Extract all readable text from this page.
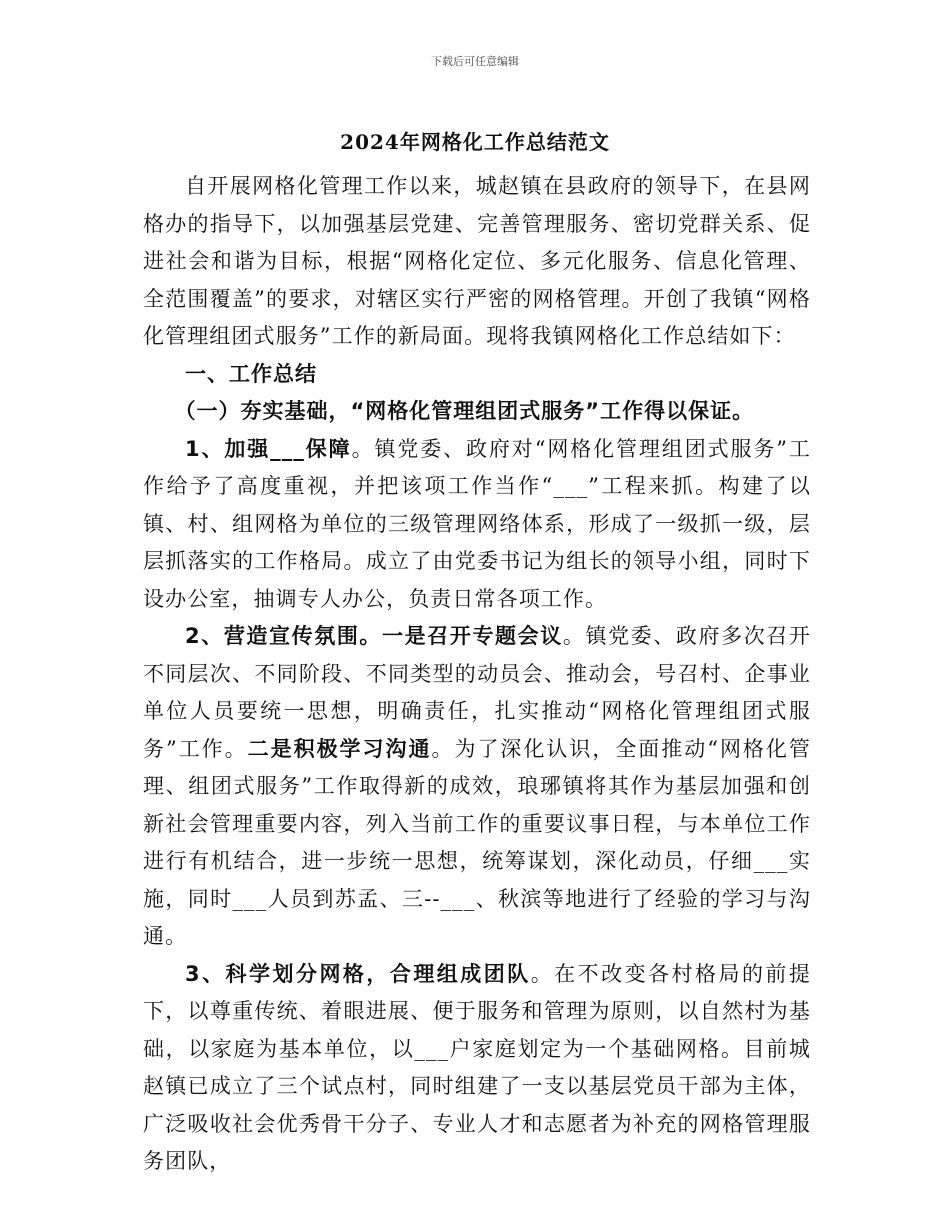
下载后可任意编辑
2024年网格化工作总结范文

自开展网格化管理工作以来，城赵镇在县政府的领导下，在县网格办的指导下，以加强基层党建、完善管理服务、密切党群关系、促进社会和谐为目标，根据“网格化定位、多元化服务、信息化管理、全范围覆盖”的要求，对辖区实行严密的网格管理。开创了我镇“网格化管理组团式服务”工作的新局面。现将我镇网格化工作总结如下：

一、工作总结

（一）夯实基础，“网格化管理组团式服务”工作得以保证。

1、加强___保障。镇党委、政府对“网格化管理组团式服务”工作给予了高度重视，并把该项工作当作“___”工程来抓。构建了以镇、村、组网格为单位的三级管理网络体系，形成了一级抓一级，层层抓落实的工作格局。成立了由党委书记为组长的领导小组，同时下设办公室，抽调专人办公，负责日常各项工作。

2、营造宣传氛围。一是召开专题会议。镇党委、政府多次召开不同层次、不同阶段、不同类型的动员会、推动会，号召村、企事业单位人员要统一思想，明确责任，扎实推动“网格化管理组团式服务”工作。二是积极学习沟通。为了深化认识，全面推动“网格化管理、组团式服务”工作取得新的成效，琅琊镇将其作为基层加强和创新社会管理重要内容，列入当前工作的重要议事日程，与本单位工作进行有机结合，进一步统一思想，统筹谋划，深化动员，仔细___实施，同时___人员到苏孟、三--___、秋滨等地进行了经验的学习与沟通。

3、科学划分网格，合理组成团队。在不改变各村格局的前提下，以尊重传统、着眼进展、便于服务和管理为原则，以自然村为基础，以家庭为基本单位，以___户家庭划定为一个基础网格。目前城赵镇已成立了三个试点村，同时组建了一支以基层党员干部为主体，广泛吸收社会优秀骨干分子、专业人才和志愿者为补充的网格管理服务团队，
